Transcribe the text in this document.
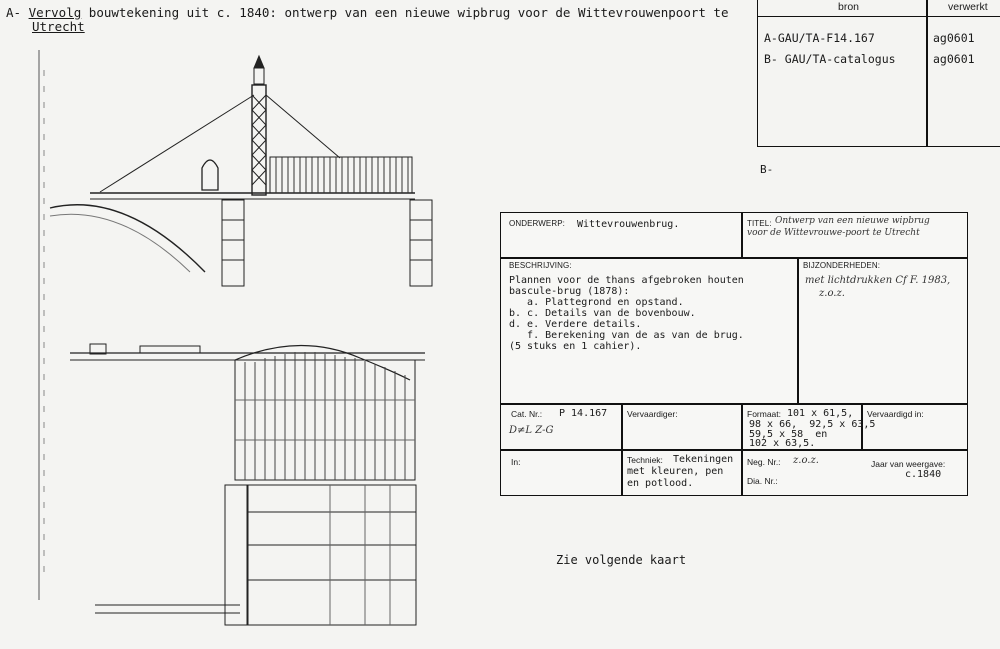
A- Vervolg bouwtekening uit c. 1840: ontwerp van een nieuwe wipbrug voor de Wittevrouwenpoort te
Utrecht
bron	verwerkt
A-GAU/TA-F14.167	ag0601
B- GAU/TA-catalogus	ag0601
B-
ONDERWERP: Wittevrouwenbrug.	TITEL: Ontwerp van een nieuwe wipbrug
voor de Wittevrouwe-poort te Utrecht
BESCHRIJVING:
Plannen voor de thans afgebroken houten
bascule-brug (1878):
a. Plattegrond en opstand.
b. c. Details van de bovenbouw.
d. e. Verdere details.
f. Berekening van de as van de brug.
(5 stuks en 1 cahier).
BIJZONDERHEDEN:
met lichtdrukken Cf F. 1983,
z.o.z.
Cat. Nr.: P 14.167
D≠L Z-G
Vervaardiger:	Formaat: 101 x 61,5,
98 x 66,  92,5 x 63,5
59,5 x 58  en
102 x 63,5.
Vervaardigd in:
In:	Techniek: Tekeningen
met kleuren, pen
en potlood.
Neg. Nr.: z.o.z.
Dia. Nr.:
Jaar van weergave:
c.1840
Zie volgende kaart
